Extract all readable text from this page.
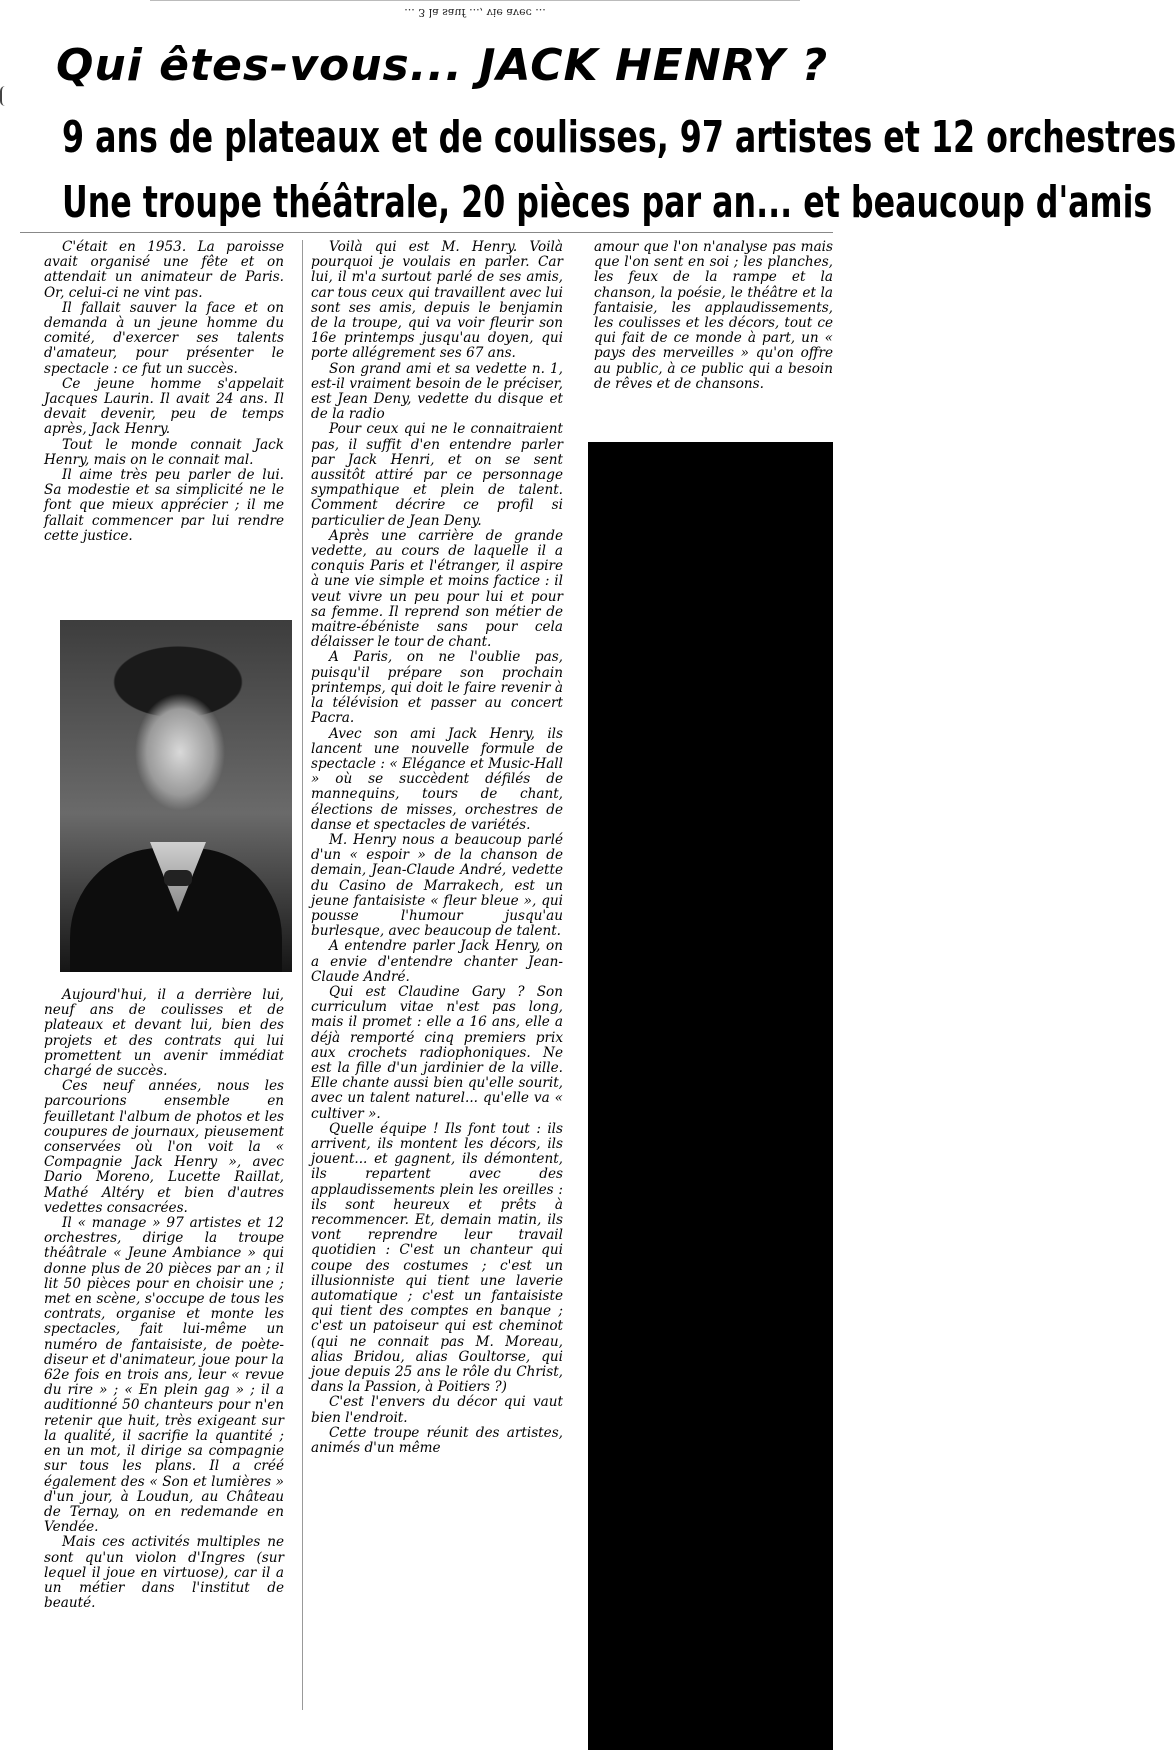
... 3 la sauf ..., vie avec ...
Qui êtes-vous... JACK HENRY ?
9 ans de plateaux et de coulisses, 97 artistes et 12 orchestres
Une troupe théâtrale, 20 pièces par an... et beaucoup d'amis

C'était en 1953. La paroisse avait organisé une fête et on attendait un animateur de Paris. Or, celui-ci ne vint pas.

Il fallait sauver la face et on demanda à un jeune homme du comité, d'exercer ses talents d'amateur, pour présenter le spectacle : ce fut un succès.

Ce jeune homme s'appelait Jacques Laurin. Il avait 24 ans. Il devait devenir, peu de temps après, Jack Henry.

Tout le monde connait Jack Henry, mais on le connait mal.

Il aime très peu parler de lui. Sa modestie et sa simplicité ne le font que mieux apprécier ; il me fallait commencer par lui rendre cette justice.

Aujourd'hui, il a derrière lui, neuf ans de coulisses et de plateaux et devant lui, bien des projets et des contrats qui lui promettent un avenir immédiat chargé de succès.

Ces neuf années, nous les parcourions ensemble en feuilletant l'album de photos et les coupures de journaux, pieusement conservées où l'on voit la « Compagnie Jack Henry », avec Dario Moreno, Lucette Raillat, Mathé Altéry et bien d'autres vedettes consacrées.

Il « manage » 97 artistes et 12 orchestres, dirige la troupe théâtrale « Jeune Ambiance » qui donne plus de 20 pièces par an ; il lit 50 pièces pour en choisir une ; met en scène, s'occupe de tous les contrats, organise et monte les spectacles, fait lui-même un numéro de fantaisiste, de poète-diseur et d'animateur, joue pour la 62e fois en trois ans, leur « revue du rire » ; « En plein gag » ; il a auditionné 50 chanteurs pour n'en retenir que huit, très exigeant sur la qualité, il sacrifie la quantité ; en un mot, il dirige sa compagnie sur tous les plans. Il a créé également des « Son et lumières » d'un jour, à Loudun, au Château de Ternay, on en redemande en Vendée.

Mais ces activités multiples ne sont qu'un violon d'Ingres (sur lequel il joue en virtuose), car il a un métier dans l'institut de beauté.

Voilà qui est M. Henry. Voilà pourquoi je voulais en parler. Car lui, il m'a surtout parlé de ses amis, car tous ceux qui travaillent avec lui sont ses amis, depuis le benjamin de la troupe, qui va voir fleurir son 16e printemps jusqu'au doyen, qui porte allégrement ses 67 ans.

Son grand ami et sa vedette n. 1, est-il vraiment besoin de le préciser, est Jean Deny, vedette du disque et de la radio

Pour ceux qui ne le connaitraient pas, il suffit d'en entendre parler par Jack Henri, et on se sent aussitôt attiré par ce personnage sympathique et plein de talent. Comment décrire ce profil si particulier de Jean Deny.

Après une carrière de grande vedette, au cours de laquelle il a conquis Paris et l'étranger, il aspire à une vie simple et moins factice : il veut vivre un peu pour lui et pour sa femme. Il reprend son métier de maitre-ébéniste sans pour cela délaisser le tour de chant.

A Paris, on ne l'oublie pas, puisqu'il prépare son prochain printemps, qui doit le faire revenir à la télévision et passer au concert Pacra.

Avec son ami Jack Henry, ils lancent une nouvelle formule de spectacle : « Elégance et Music-Hall » où se succèdent défilés de mannequins, tours de chant, élections de misses, orchestres de danse et spectacles de variétés.

M. Henry nous a beaucoup parlé d'un « espoir » de la chanson de demain, Jean-Claude André, vedette du Casino de Marrakech, est un jeune fantaisiste « fleur bleue », qui pousse l'humour jusqu'au burlesque, avec beaucoup de talent.

A entendre parler Jack Henry, on a envie d'entendre chanter Jean-Claude André.

Qui est Claudine Gary ? Son curriculum vitae n'est pas long, mais il promet : elle a 16 ans, elle a déjà remporté cinq premiers prix aux crochets radiophoniques. Ne est la fille d'un jardinier de la ville. Elle chante aussi bien qu'elle sourit, avec un talent naturel... qu'elle va « cultiver ».

Quelle équipe ! Ils font tout : ils arrivent, ils montent les décors, ils jouent... et gagnent, ils démontent, ils repartent avec des applaudissements plein les oreilles : ils sont heureux et prêts à recommencer. Et, demain matin, ils vont reprendre leur travail quotidien : C'est un chanteur qui coupe des costumes ; c'est un illusionniste qui tient une laverie automatique ; c'est un fantaisiste qui tient des comptes en banque ; c'est un patoiseur qui est cheminot (qui ne connait pas M. Moreau, alias Bridou, alias Goultorse, qui joue depuis 25 ans le rôle du Christ, dans la Passion, à Poitiers ?)

C'est l'envers du décor qui vaut bien l'endroit.

Cette troupe réunit des artistes, animés d'un même

amour que l'on n'analyse pas mais que l'on sent en soi ; les planches, les feux de la rampe et la chanson, la poésie, le théâtre et la fantaisie, les applaudissements, les coulisses et les décors, tout ce qui fait de ce monde à part, un « pays des merveilles » qu'on offre au public, à ce public qui a besoin de rêves et de chansons.
